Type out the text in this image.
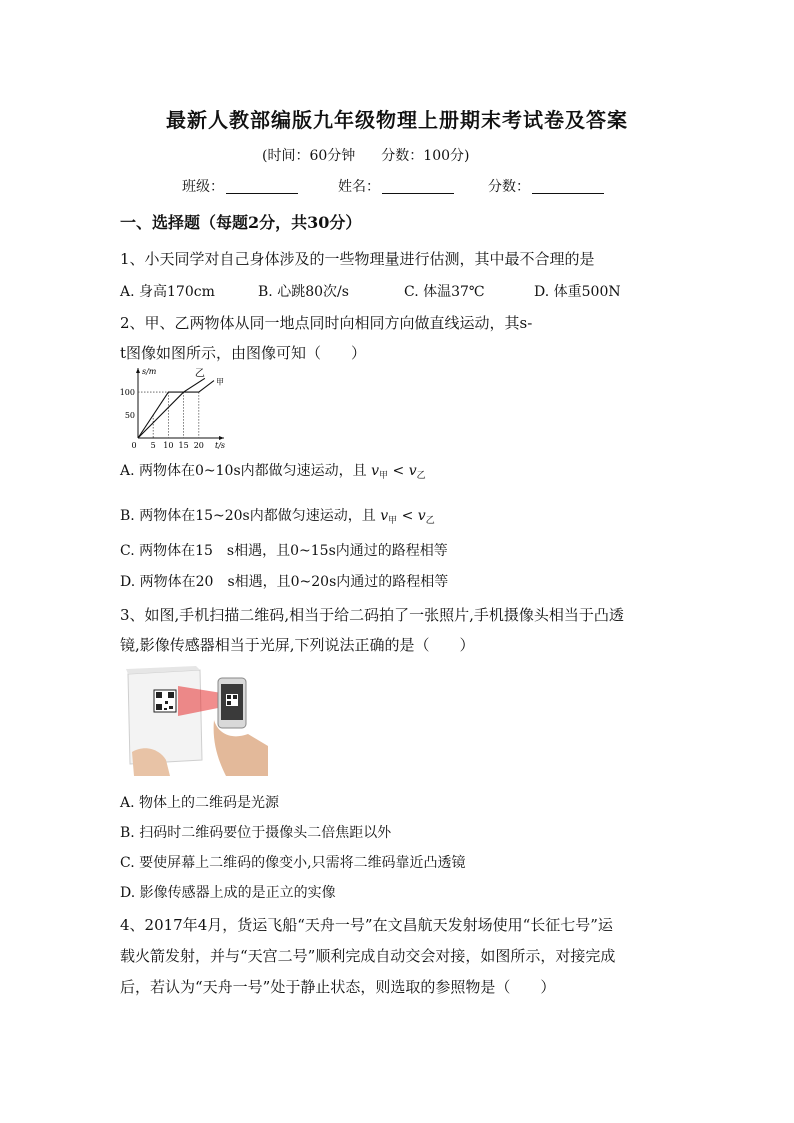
最新人教部编版九年级物理上册期末考试卷及答案
(时间：60分钟 分数：100分)
班级：	姓名：	分数：
一、选择题（每题2分，共30分）
1、小天同学对自己身体涉及的一些物理量进行估测，其中最不合理的是
A. 身高170cm	B. 心跳80次/s	C. 体温37℃	D. 体重500N
2、甲、乙两物体从同一地点同时向相同方向做直线运动，其s-
t图像如图所示，由图像可知（　　）
s/m
t/s
0 5 10 15 20
50
100
乙
甲
A. 两物体在0~10s内都做匀速运动，且 $v_甲 < v_乙$
B. 两物体在15~20s内都做匀速运动，且 $v_甲 < v_乙$
C. 两物体在15　s相遇，且0~15s内通过的路程相等
D. 两物体在20　s相遇，且0~20s内通过的路程相等
3、如图,手机扫描二维码,相当于给二码拍了一张照片,手机摄像头相当于凸透
镜,影像传感器相当于光屏,下列说法正确的是（　　）
A. 物体上的二维码是光源
B. 扫码时二维码要位于摄像头二倍焦距以外
C. 要使屏幕上二维码的像变小,只需将二维码靠近凸透镜
D. 影像传感器上成的是正立的实像
4、2017年4月，货运飞船“天舟一号”在文昌航天发射场使用“长征七号”运
载火箭发射，并与“天宫二号”顺利完成自动交会对接，如图所示，对接完成
后，若认为“天舟一号”处于静止状态，则选取的参照物是（　　）
